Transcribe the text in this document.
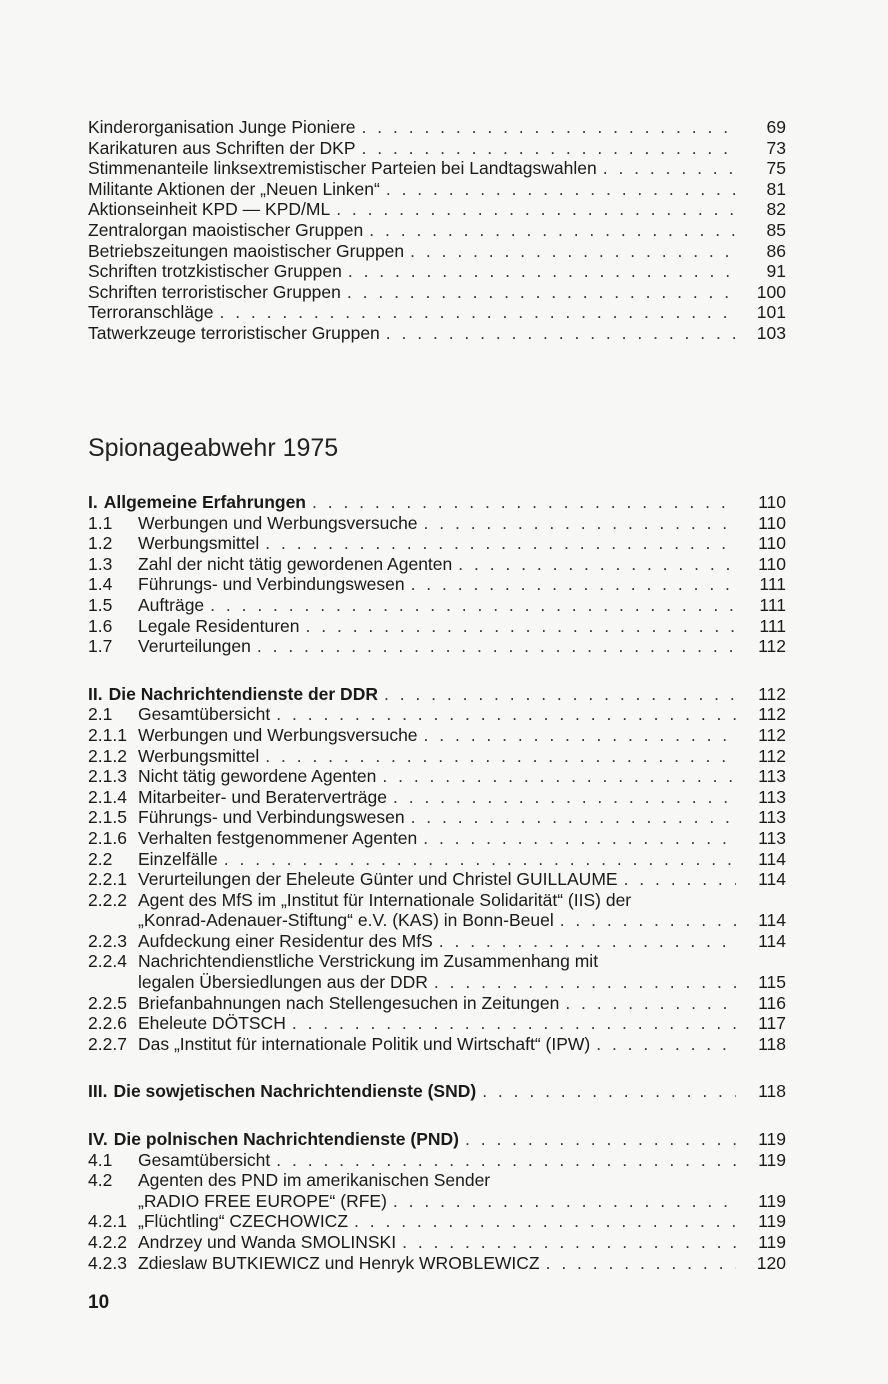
Kinderorganisation Junge Pioniere . . .	69
Karikaturen aus Schriften der DKP . . .	73
Stimmenanteile linksextremistischer Parteien bei Landtagswahlen . . .	75
Militante Aktionen der „Neuen Linken“ . . .	81
Aktionseinheit KPD — KPD/ML . . .	82
Zentralorgan maoistischer Gruppen . . .	85
Betriebszeitungen maoistischer Gruppen . . .	86
Schriften trotzkistischer Gruppen . . .	91
Schriften terroristischer Gruppen . . .	100
Terroranschläge . . .	101
Tatwerkzeuge terroristischer Gruppen . . .	103
Spionageabwehr 1975
I. Allgemeine Erfahrungen . . .	110
1.1	Werbungen und Werbungsversuche . . .	110
1.2	Werbungsmittel . . .	110
1.3	Zahl der nicht tätig gewordenen Agenten . . .	110
1.4	Führungs- und Verbindungswesen . . .	111
1.5	Aufträge . . .	111
1.6	Legale Residenturen . . .	111
1.7	Verurteilungen . . .	112
II. Die Nachrichtendienste der DDR . . .	112
2.1	Gesamtübersicht . . .	112
2.1.1 Werbungen und Werbungsversuche . . .	112
2.1.2 Werbungsmittel . . .	112
2.1.3 Nicht tätig gewordene Agenten . . .	113
2.1.4 Mitarbeiter- und Beraterverträge . . .	113
2.1.5 Führungs- und Verbindungswesen . . .	113
2.1.6 Verhalten festgenommener Agenten . . .	113
2.2	Einzelfälle . . .	114
2.2.1 Verurteilungen der Eheleute Günter und Christel GUILLAUME . . .	114
2.2.2 Agent des MfS im „Institut für Internationale Solidarität“ (IIS) der
„Konrad-Adenauer-Stiftung“ e.V. (KAS) in Bonn-Beuel . . .	114
2.2.3 Aufdeckung einer Residentur des MfS . . .	114
2.2.4 Nachrichtendienstliche Verstrickung im Zusammenhang mit
legalen Übersiedlungen aus der DDR . . .	115
2.2.5 Briefanbahnungen nach Stellengesuchen in Zeitungen . . .	116
2.2.6 Eheleute DÖTSCH . . .	117
2.2.7 Das „Institut für internationale Politik und Wirtschaft“ (IPW) . . .	118
III. Die sowjetischen Nachrichtendienste (SND) . . .	118
IV. Die polnischen Nachrichtendienste (PND) . . .	119
4.1	Gesamtübersicht . . .	119
4.2	Agenten des PND im amerikanischen Sender
„RADIO FREE EUROPE“ (RFE) . . .	119
4.2.1 „Flüchtling“ CZECHOWICZ . . .	119
4.2.2 Andrzey und Wanda SMOLINSKI . . .	119
4.2.3 Zdieslaw BUTKIEWICZ und Henryk WROBLEWICZ . . .	120
10
